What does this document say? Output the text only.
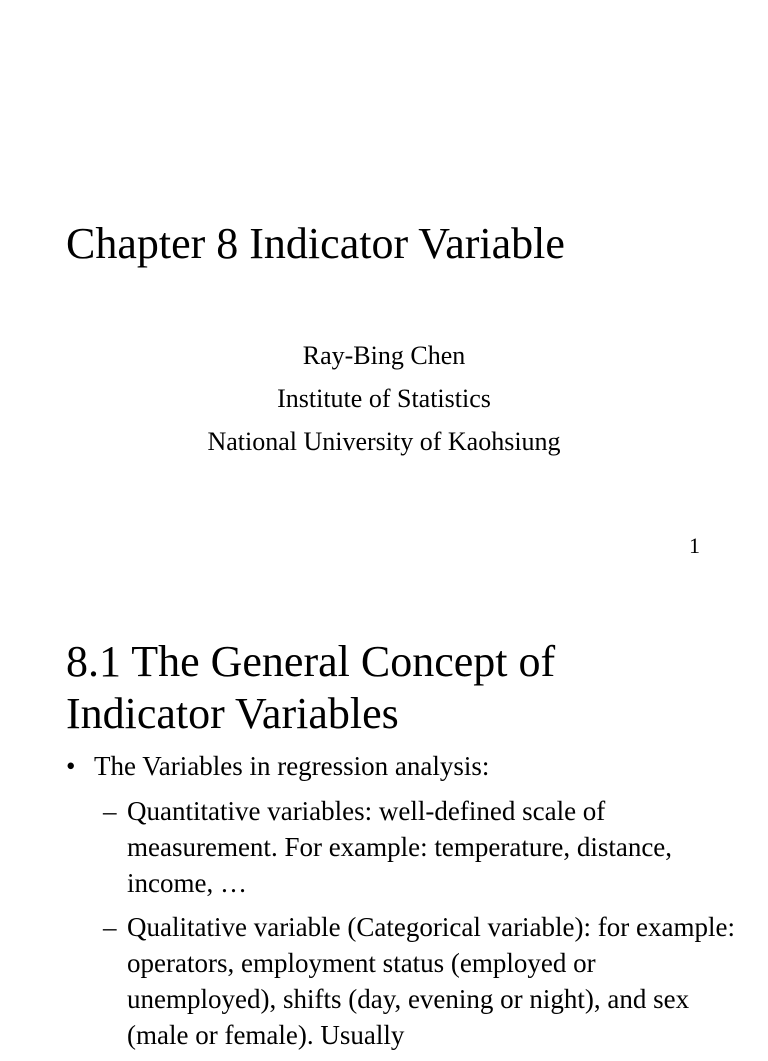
Chapter 8 Indicator Variable
Ray-Bing Chen
Institute of Statistics
National University of Kaohsiung
1
8.1 The General Concept of
Indicator Variables
• The Variables in regression analysis:
– Quantitative variables: well-defined scale of measurement. For example: temperature, distance, income, …
– Qualitative variable (Categorical variable): for example: operators, employment status (employed or unemployed), shifts (day, evening or night), and sex (male or female). Usually
